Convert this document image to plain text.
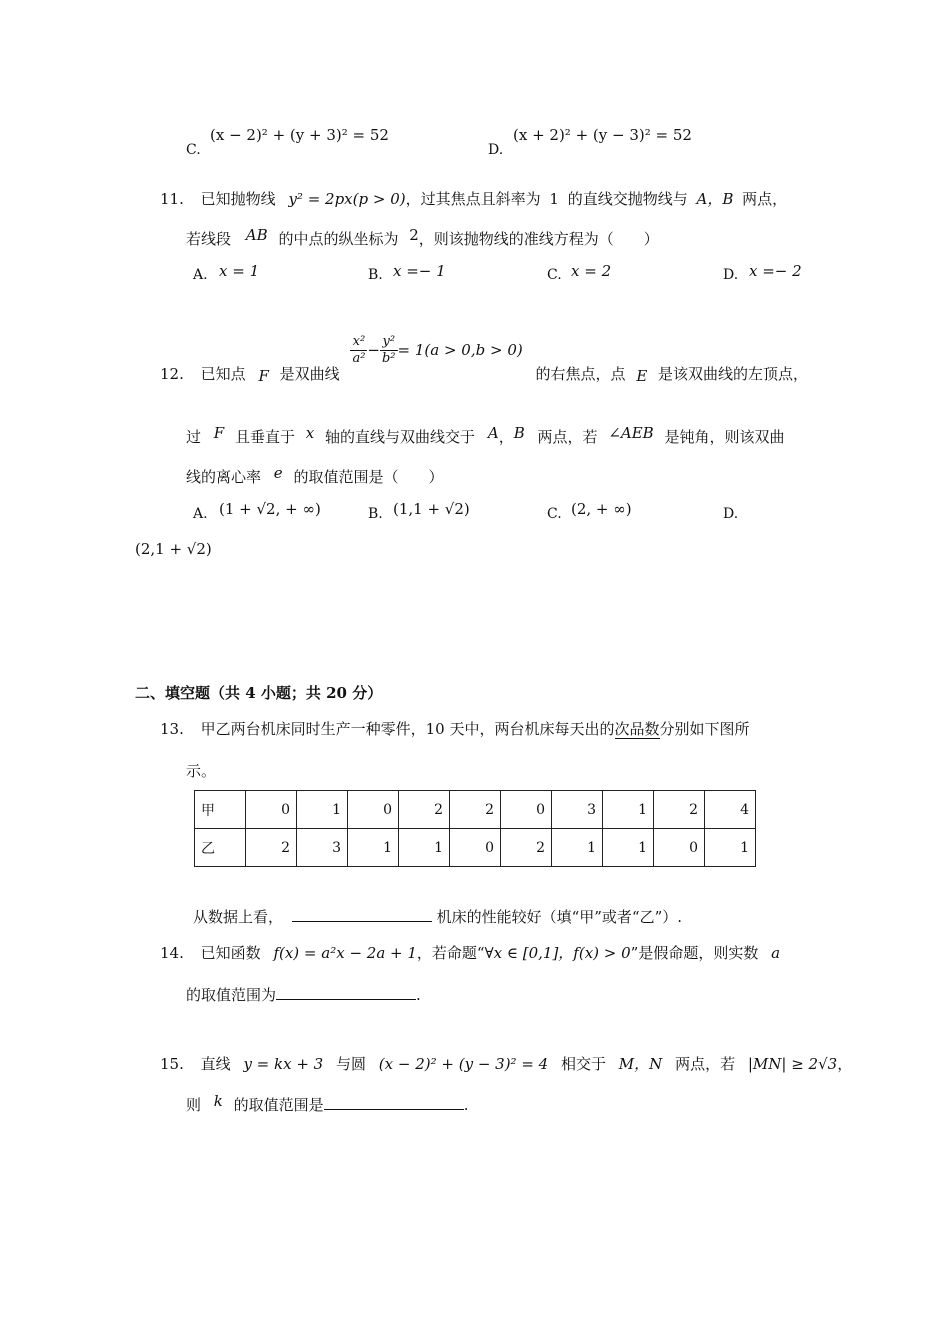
C.
(x − 2)² + (y + 3)² = 52
D.
(x + 2)² + (y − 3)² = 52
11. 已知抛物线 y² = 2px(p > 0)，过其焦点且斜率为 1 的直线交抛物线与 A，B 两点，
若线段 AB 的中点的纵坐标为 2，则该抛物线的准线方程为（　　）
A. x = 1	B. x =− 1	C. x = 2	D. x =− 2
12. 已知点 F 是双曲线
$\frac{\text{x²}}{\text{a²}} - \frac{\text{y²}}{\text{b²}} = 1(a > 0,b > 0)$ 的右焦点，点 E 是该双曲线的左顶点，
过 F 且垂直于 x 轴的直线与双曲线交于 A，B 两点，若 ∠AEB 是钝角，则该双曲
线的离心率 e 的取值范围是（　　）
A. (1 + √2, + ∞)	B. (1,1 + √2)	C. (2, + ∞)	D.
(2,1 + √2)
二、填空题（共 4 小题；共 20 分）
13. 甲乙两台机床同时生产一种零件，10 天中，两台机床每天出的次品数分别如下图所
示。
甲	0	1	0	2	2	0	3	1	2	4
乙	2	3	1	1	0	2	1	1	0	1
从数据上看，	机床的性能较好（填“甲”或者“乙”）.
14. 已知函数 f(x) = a²x − 2a + 1，若命题“∀x ∈ [0,1]，f(x) > 0”是假命题，则实数 a
的取值范围为	.
15. 直线 y = kx + 3 与圆 (x − 2)² + (y − 3)² = 4 相交于 M，N 两点，若 |MN| ≥ 2√3，
则 k 的取值范围是	.
